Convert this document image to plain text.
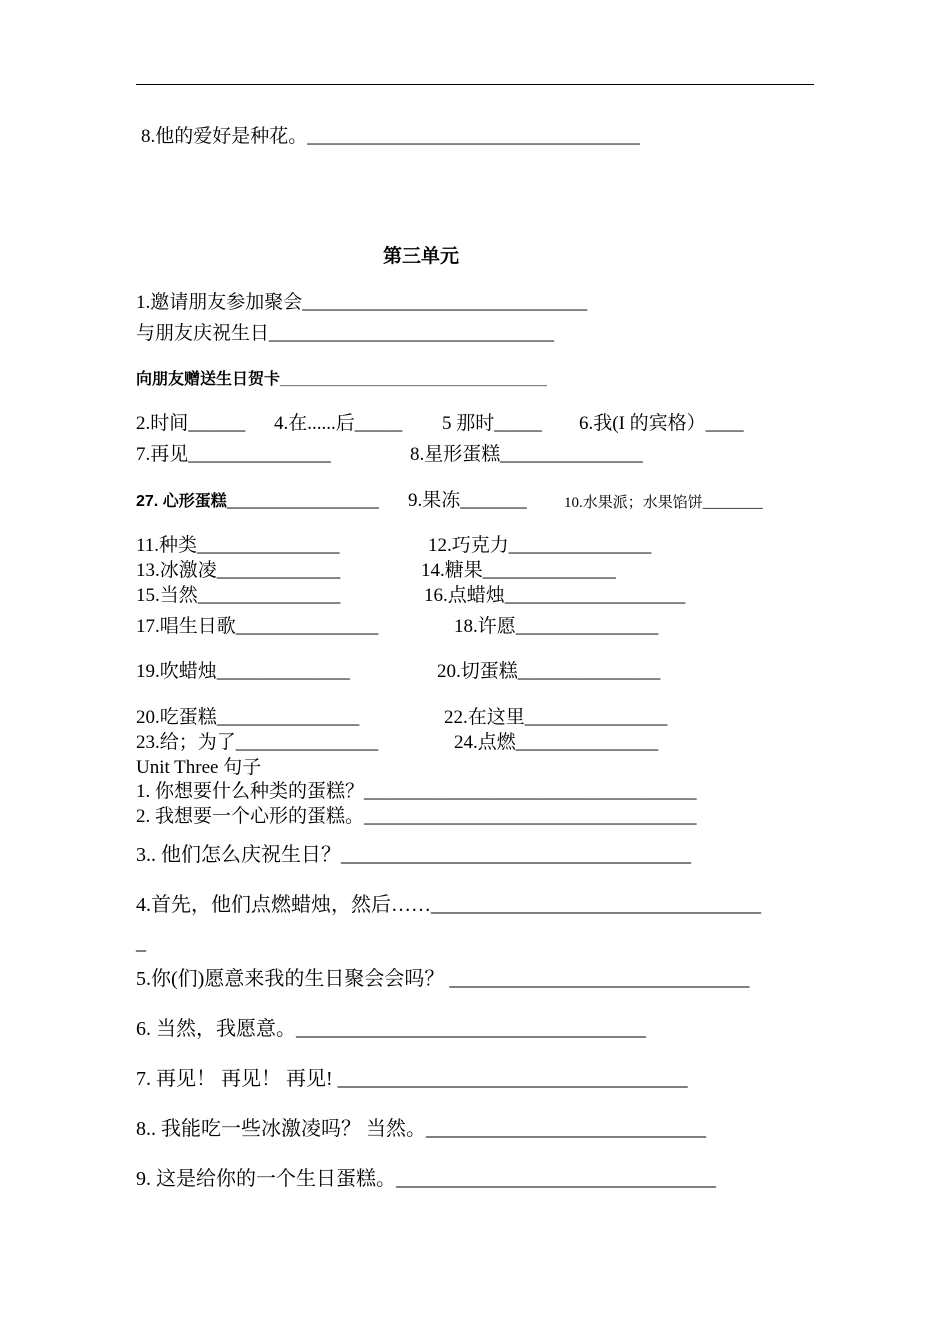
8.他的爱好是种花。___________________________________
第三单元
1.邀请朋友参加聚会______________________________
与朋友庆祝生日______________________________
向朋友赠送生日贺卡______________________________
2.时间______ 4.在......后_____ 5 那时_____ 6.我(I 的宾格）____
7.再见_______________	8.星形蛋糕_______________
27. 心形蛋糕________________ 9.果冻_______ 10.水果派；水果馅饼________
11.种类_______________	12.巧克力_______________
13.冰激凌_____________	14.糖果______________
15.当然_______________	16.点蜡烛___________________
17.唱生日歌_______________	18.许愿_______________
19.吹蜡烛______________	20.切蛋糕_______________
20.吃蛋糕_______________	22.在这里_______________
23.给；为了_______________	24.点燃_______________
Unit Three 句子
1. 你想要什么种类的蛋糕？___________________________________
2. 我想要一个心形的蛋糕。___________________________________
3.. 他们怎么庆祝生日？___________________________________
4.首先，他们点燃蜡烛，然后……_________________________________
_
5.你(们)愿意来我的生日聚会会吗？ ______________________________
6. 当然，我愿意。___________________________________
7. 再见！ 再见！ 再见! ___________________________________
8.. 我能吃一些冰激凌吗？ 当然。____________________________
9. 这是给你的一个生日蛋糕。________________________________
